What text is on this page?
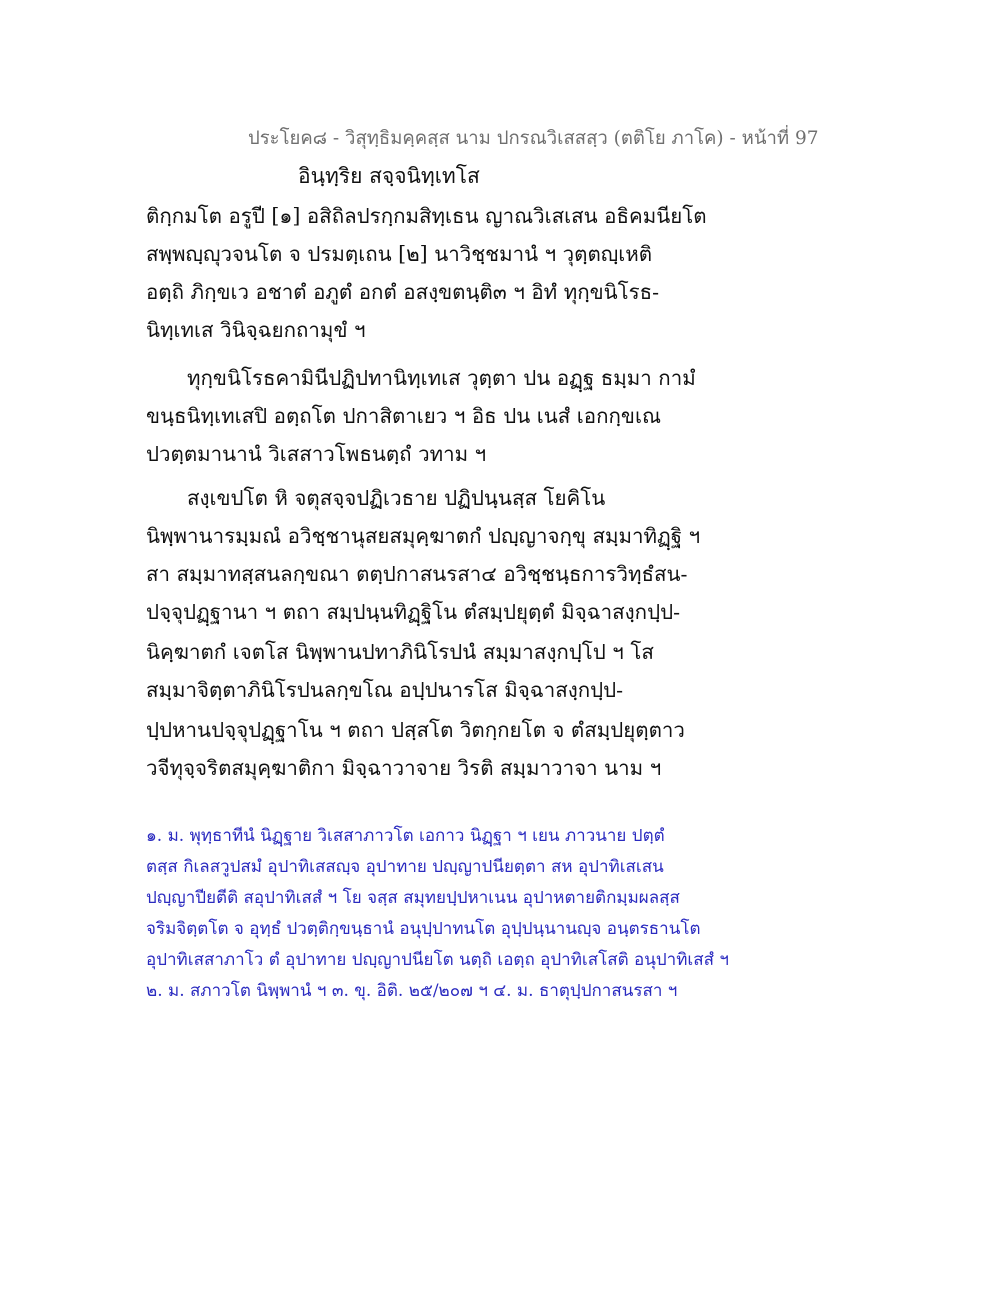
ประโยค๘ - วิสุทฺธิมคฺคสฺส นาม ปกรณวิเสสสฺว (ตติโย ภาโค) - หน้าที่ 97
อินฺทฺริย สจฺจนิทฺเทโส
ติกฺกมโต อรูปี [๑] อสิถิลปรกฺกมสิทฺเธน ญาณวิเสเสน อธิคมนียโต
สพฺพญฺญุวจนโต จ ปรมตฺเถน [๒] นาวิชฺชมานํ ฯ วุตฺตญฺเหติ
อตฺถิ ภิกฺขเว อชาตํ อภูตํ อกตํ อสงฺขตนฺติ๓ ฯ อิทํ ทุกฺขนิโรธ-
นิทฺเทเส วินิจฺฉยกถามุขํ ฯ
ทุกฺขนิโรธคามินีปฏิปทานิทฺเทเส วุตฺตา ปน อฏฺฐ ธมฺมา กามํ
ขนฺธนิทฺเทเสปิ อตฺถโต ปกาสิตาเยว ฯ อิธ ปน เนสํ เอกกฺขเณ
ปวตฺตมานานํ วิเสสาวโพธนตฺถํ วทาม ฯ
สงฺเขปโต หิ จตุสจฺจปฏิเวธาย ปฏิปนฺนสฺส โยคิโน
นิพฺพานารมฺมณํ อวิชฺชานุสยสมุคฺฆาตกํ ปญฺญาจกฺขุ สมฺมาทิฏฺฐิ ฯ
สา สมฺมาทสฺสนลกฺขณา ตตฺปกาสนรสา๔ อวิชฺชนฺธการวิทฺธํสน-
ปจฺจุปฏฺฐานา ฯ ตถา สมฺปนฺนทิฏฺฐิโน ตํสมฺปยุตฺตํ มิจฺฉาสงฺกปฺป-
นิคฺฆาตกํ เจตโส นิพฺพานปทาภินิโรปนํ สมฺมาสงฺกปฺโป ฯ โส
สมฺมาจิตฺตาภินิโรปนลกฺขโณ อปฺปนารโส มิจฺฉาสงฺกปฺป-
ปฺปหานปจฺจุปฏฺฐาโน ฯ ตถา ปสฺสโต วิตกฺกยโต จ ตํสมฺปยุตฺตาว
วจีทุจฺจริตสมุคฺฆาติกา มิจฺฉาวาจาย วิรติ สมฺมาวาจา นาม ฯ
๑. ม. พุทฺธาทีนํ นิฏฺฐาย วิเสสาภาวโต เอกาว นิฏฺฐา ฯ เยน ภาวนาย ปตฺตํ
ตสฺส กิเลสวูปสมํ อุปาทิเสสญฺจ อุปาทาย ปญฺญาปนียตฺตา สห อุปาทิเสเสน
ปญฺญาปียตีติ สอุปาทิเสสํ ฯ โย จสฺส สมุทยปฺปหาเนน อุปาหตายติกมฺมผลสฺส
จริมจิตฺตโต จ อุทฺธํ ปวตฺติกฺขนฺธานํ อนุปฺปาทนโต อุปฺปนฺนานญฺจ อนฺตรธานโต
อุปาทิเสสาภาโว ตํ อุปาทาย ปญฺญาปนียโต นตฺถิ เอตฺถ อุปาทิเสโสติ อนุปาทิเสสํ ฯ
๒. ม. สภาวโต นิพฺพานํ ฯ ๓. ขุ. อิติ. ๒๕/๒๐๗ ฯ ๔. ม. ธาตุปฺปกาสนรสา ฯ
